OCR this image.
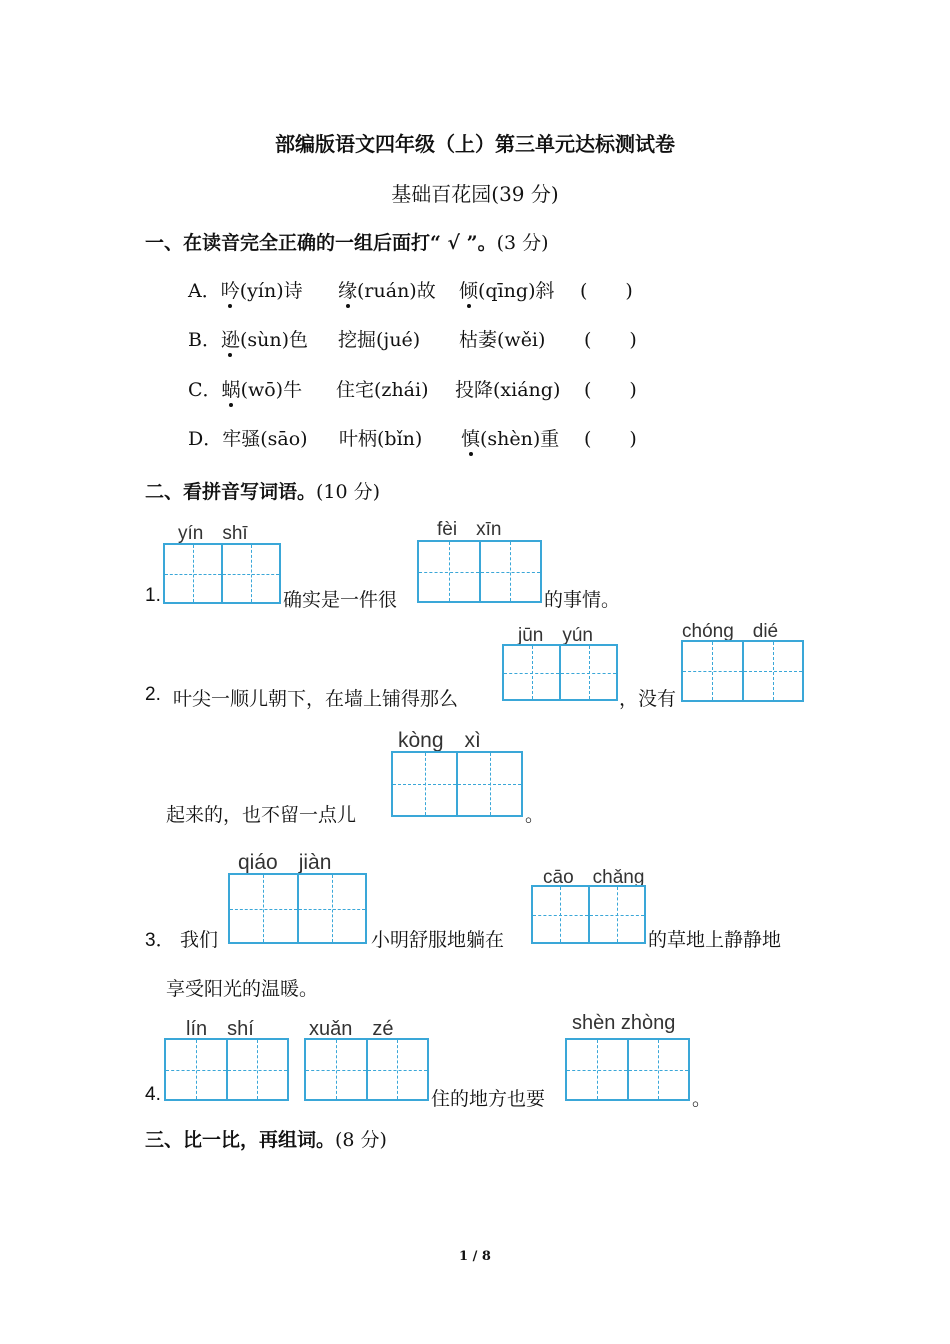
部编版语文四年级（上）第三单元达标测试卷
基础百花园(39 分)
一、在读音完全正确的一组后面打“ √ ”。(3 分)
A．吟(yín)诗 缘(ruán)故 倾(qīng)斜 (　　)
B．逊(sùn)色 挖掘(jué) 枯萎(wěi) (　　)
C．蜗(wō)牛 住宅(zhái) 投降(xiáng) (　　)
D．牢骚(sāo) 叶柄(bǐn) 慎(shèn)重 (　　)
二、看拼音写词语。(10 分)
yín　shī
1.	确实是一件很
fèi　xīn
的事情。
jūn　yún	chóng　dié
2. 叶尖一顺儿朝下，在墙上铺得那么	，没有
kòng　xì
起来的，也不留一点儿	。
qiáo　jiàn
cāo　chǎng
3． 我们	小明舒服地躺在	的草地上静静地
享受阳光的温暖。
lín　shí	xuǎn　zé	shèn zhòng
4.	住的地方也要	。
三、比一比，再组词。(8 分)
1 / 8
